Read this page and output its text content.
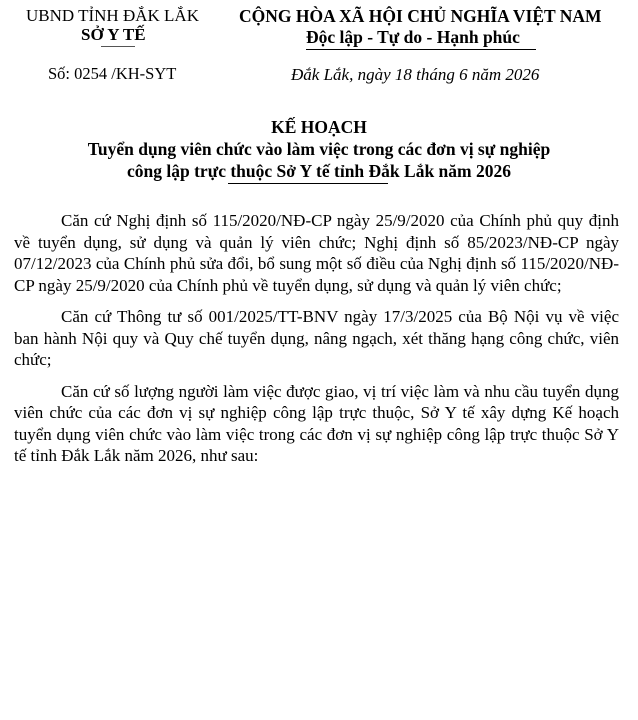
UBND TỈNH ĐẮK LẮK
SỞ Y TẾ
Số: 0254 /KH-SYT
CỘNG HÒA XÃ HỘI CHỦ NGHĨA VIỆT NAM
Độc lập - Tự do - Hạnh phúc
Đắk Lắk, ngày 18 tháng 6 năm 2026
KẾ HOẠCH
Tuyển dụng viên chức vào làm việc trong các đơn vị sự nghiệp
công lập trực thuộc Sở Y tế tỉnh Đắk Lắk năm 2026

Căn cứ Nghị định số 115/2020/NĐ-CP ngày 25/9/2020 của Chính phủ quy định về tuyển dụng, sử dụng và quản lý viên chức; Nghị định số 85/2023/NĐ-CP ngày 07/12/2023 của Chính phủ sửa đổi, bổ sung một số điều của Nghị định số 115/2020/NĐ-CP ngày 25/9/2020 của Chính phủ về tuyển dụng, sử dụng và quản lý viên chức;

Căn cứ Thông tư số 001/2025/TT-BNV ngày 17/3/2025 của Bộ Nội vụ về việc ban hành Nội quy và Quy chế tuyển dụng, nâng ngạch, xét thăng hạng công chức, viên chức;

Căn cứ số lượng người làm việc được giao, vị trí việc làm và nhu cầu tuyển dụng viên chức của các đơn vị sự nghiệp công lập trực thuộc, Sở Y tế xây dựng Kế hoạch tuyển dụng viên chức vào làm việc trong các đơn vị sự nghiệp công lập trực thuộc Sở Y tế tỉnh Đắk Lắk năm 2026, như sau:
